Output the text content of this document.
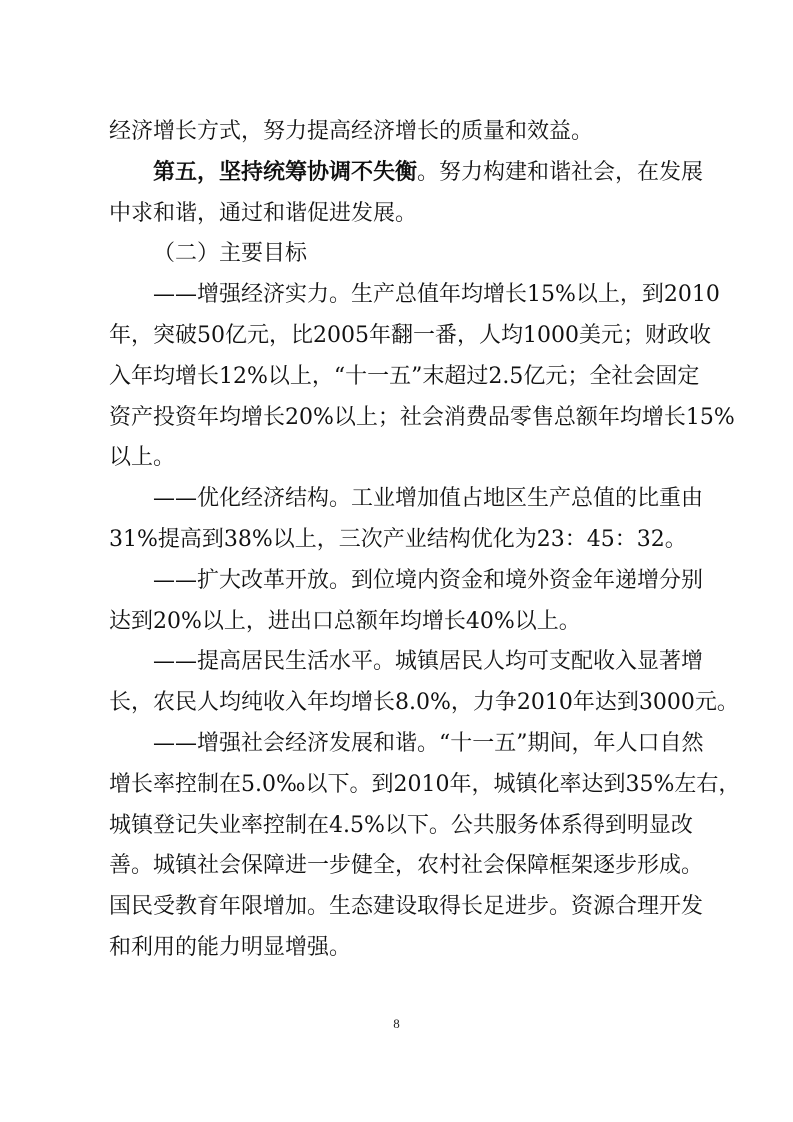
经济增长方式，努力提高经济增长的质量和效益。
第五，坚持统筹协调不失衡。努力构建和谐社会，在发展
中求和谐，通过和谐促进发展。
（二）主要目标
——增强经济实力。生产总值年均增长15%以上，到2010
年，突破50亿元，比2005年翻一番，人均1000美元；财政收
入年均增长12%以上，“十一五”末超过2.5亿元；全社会固定
资产投资年均增长20%以上；社会消费品零售总额年均增长15%
以上。
——优化经济结构。工业增加值占地区生产总值的比重由
31%提高到38%以上，三次产业结构优化为23：45：32。
——扩大改革开放。到位境内资金和境外资金年递增分别
达到20%以上，进出口总额年均增长40%以上。
——提高居民生活水平。城镇居民人均可支配收入显著增
长，农民人均纯收入年均增长8.0%，力争2010年达到3000元。
——增强社会经济发展和谐。“十一五”期间，年人口自然
增长率控制在5.0‰以下。到2010年，城镇化率达到35%左右，
城镇登记失业率控制在4.5%以下。公共服务体系得到明显改
善。城镇社会保障进一步健全，农村社会保障框架逐步形成。
国民受教育年限增加。生态建设取得长足进步。资源合理开发
和利用的能力明显增强。
8
